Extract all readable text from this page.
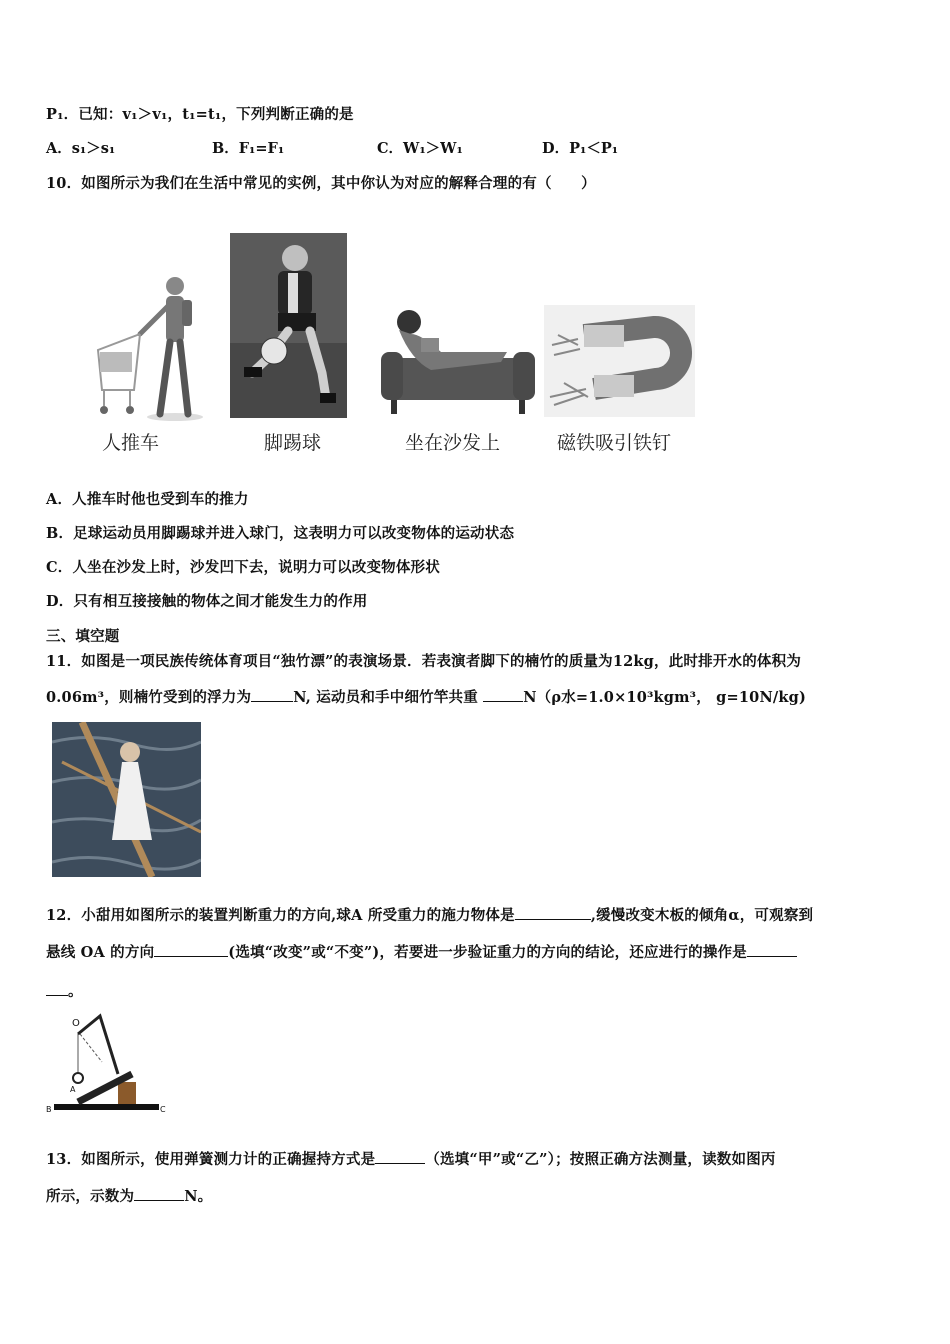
P₁．已知：v₁＞v₁，t₁=t₁，下列判断正确的是
A．s₁＞s₁	B．F₁=F₁	C．W₁＞W₁	D．P₁＜P₁
10．如图所示为我们在生活中常见的实例，其中你认为对应的解释合理的有（　　）
人推车	脚踢球	坐在沙发上	磁铁吸引铁钉
A．人推车时他也受到车的推力
B．足球运动员用脚踢球并进入球门，这表明力可以改变物体的运动状态
C．人坐在沙发上时，沙发凹下去，说明力可以改变物体形状
D．只有相互接接触的物体之间才能发生力的作用
三、填空题
11．如图是一项民族传统体育项目“独竹漂”的表演场景．若表演者脚下的楠竹的质量为12kg，此时排开水的体积为
0.06m³，则楠竹受到的浮力为	N, 运动员和手中细竹竿共重	N（ρ水=1.0×10³kgm³， g=10N/kg)
12．小甜用如图所示的装置判断重力的方向,球A 所受重力的施力物体是	,缓慢改变木板的倾角α，可观察到
悬线 OA 的方向	(选填“改变”或“不变”)，若要进一步验证重力的方向的结论，还应进行的操作是
。
O
A
B	C
13．如图所示，使用弹簧测力计的正确握持方式是	（选填“甲”或“乙”）；按照正确方法测量，读数如图丙
所示，示数为	N。
